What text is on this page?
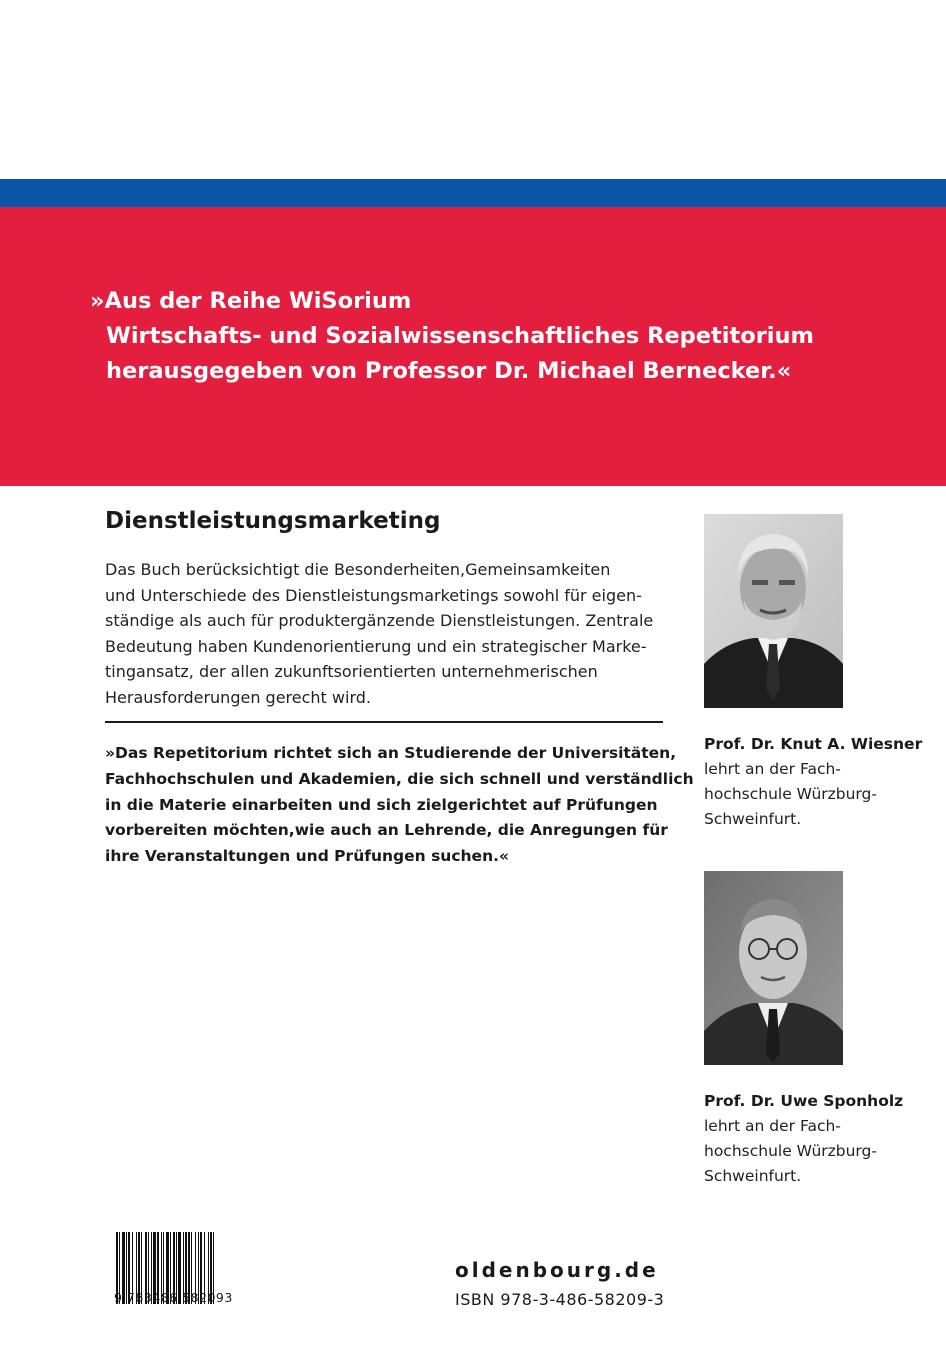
»Aus der Reihe WiSorium
Wirtschafts- und Sozialwissenschaftliches Repetitorium
herausgegeben von Professor Dr. Michael Bernecker.«
Dienstleistungsmarketing
Das Buch berücksichtigt die Besonderheiten,Gemeinsamkeiten
und Unterschiede des Dienstleistungsmarketings sowohl für eigen-
ständige als auch für produktergänzende Dienstleistungen. Zentrale
Bedeutung haben Kundenorientierung und ein strategischer Marke-
tingansatz, der allen zukunftsorientierten unternehmerischen
Herausforderungen gerecht wird.
»Das Repetitorium richtet sich an Studierende der Universitäten,
Fachhochschulen und Akademien, die sich schnell und verständlich
in die Materie einarbeiten und sich zielgerichtet auf Prüfungen
vorbereiten möchten,wie auch an Lehrende, die Anregungen für
ihre Veranstaltungen und Prüfungen suchen.«
Prof. Dr. Knut A. Wiesner
lehrt an der Fach-
hochschule Würzburg-
Schweinfurt.
Prof. Dr. Uwe Sponholz
lehrt an der Fach-
hochschule Würzburg-
Schweinfurt.
9 783486 582093
oldenbourg.de
ISBN 978-3-486-58209-3
